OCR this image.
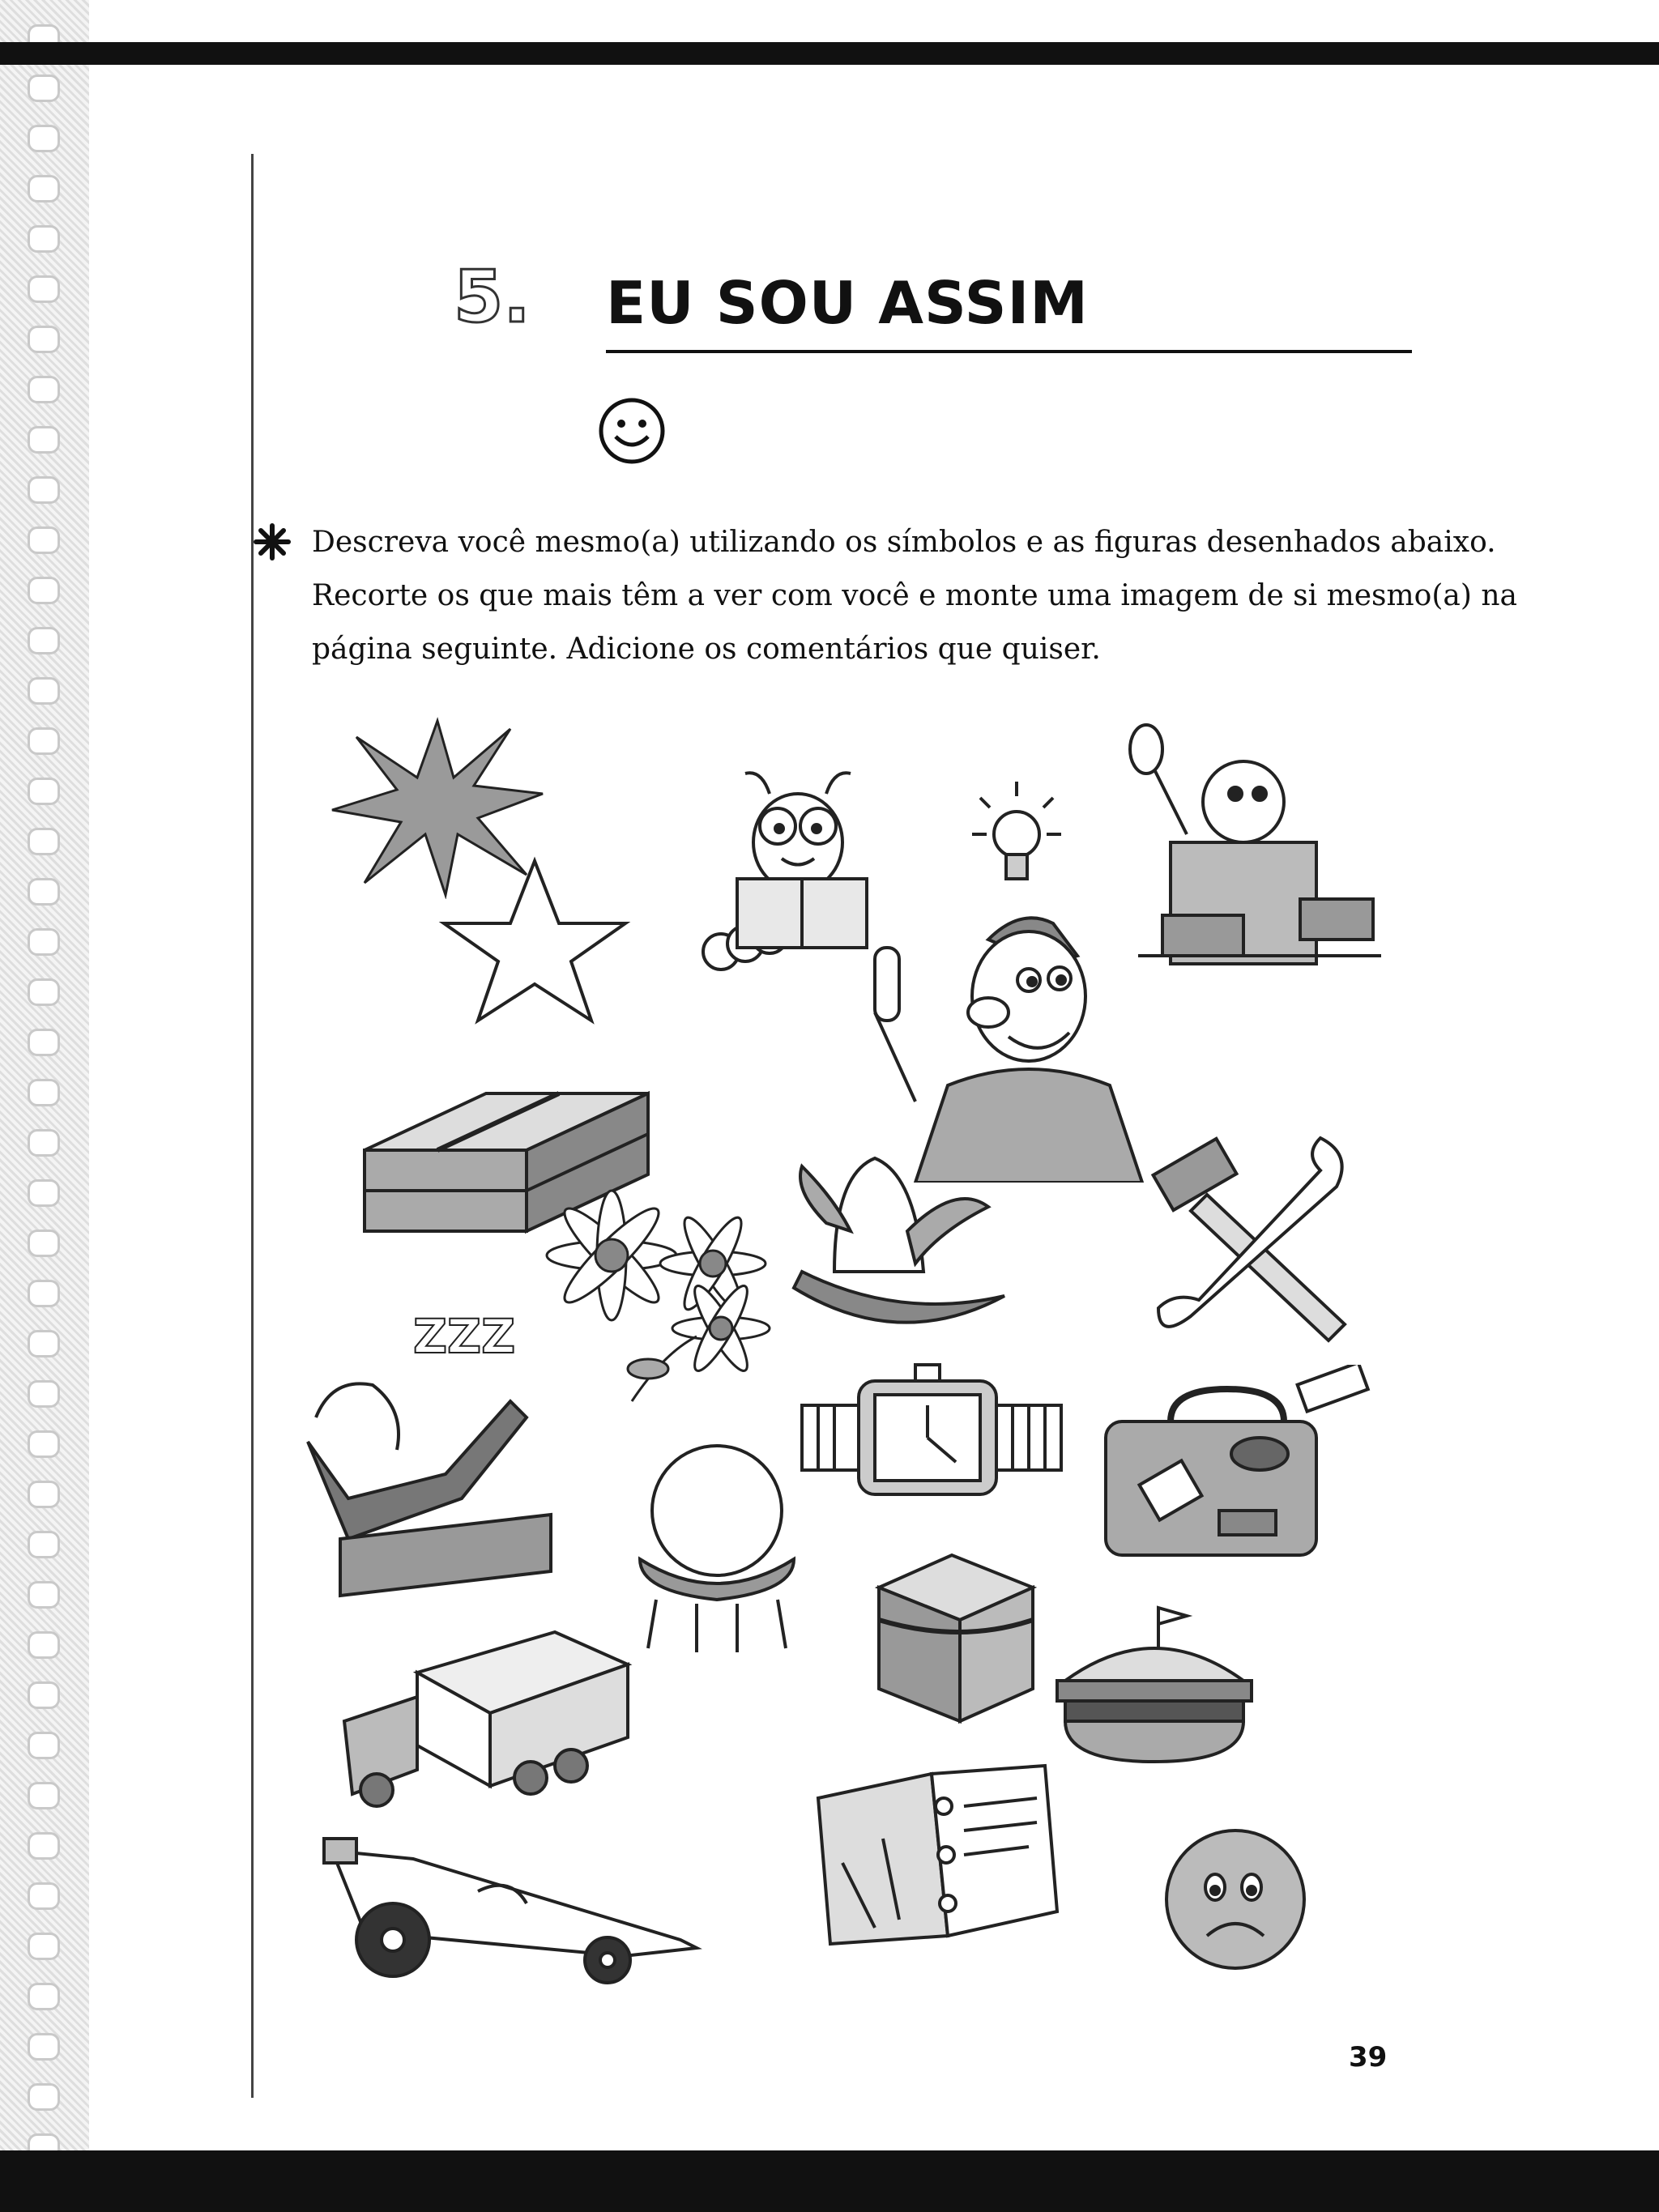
5. EU SOU ASSIM
Descreva você mesmo(a) utilizando os símbolos e as figuras desenhados abaixo.
Recorte os que mais têm a ver com você e monte uma imagem de si mesmo(a) na
página seguinte. Adicione os comentários que quiser.
ZZZ
39
